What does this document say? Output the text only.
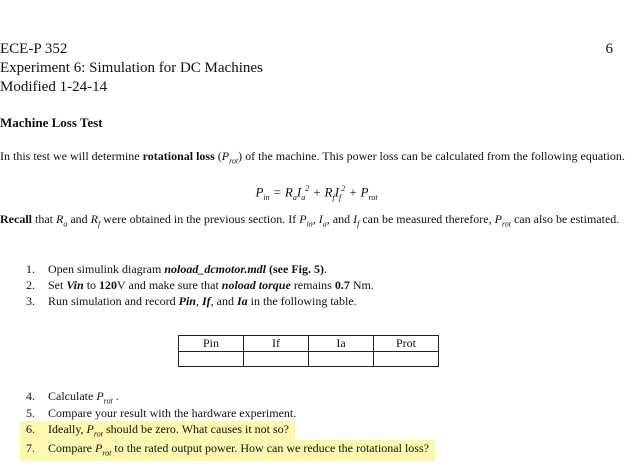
ECE-P 352
Experiment 6: Simulation for DC Machines
Modified 1-24-14
6
Machine Loss Test
In this test we will determine rotational loss $(P_{rot})$ of the machine. This power loss can be calculated from the following equation.
$P_{in} = R_aI_a^2 + R_fI_f^2 + P_{rot}$
Recall that $R_a$ and $R_f$ were obtained in the previous section. If $P_{in}$, $I_a$, and $I_f$ can be measured therefore, $P_{rot}$ can also be estimated.
1. Open simulink diagram noload_dcmotor.mdl (see Fig. 5).
2. Set Vin to 120V and make sure that noload torque remains 0.7 Nm.
3. Run simulation and record Pin, If, and Ia in the following table.
Pin	If	Ia	Prot

4. Calculate $P_{rot}$ .
5. Compare your result with the hardware experiment.
6. Ideally, $P_{rot}$ should be zero. What causes it not so?
7. Compare $P_{rot}$ to the rated output power. How can we reduce the rotational loss?
